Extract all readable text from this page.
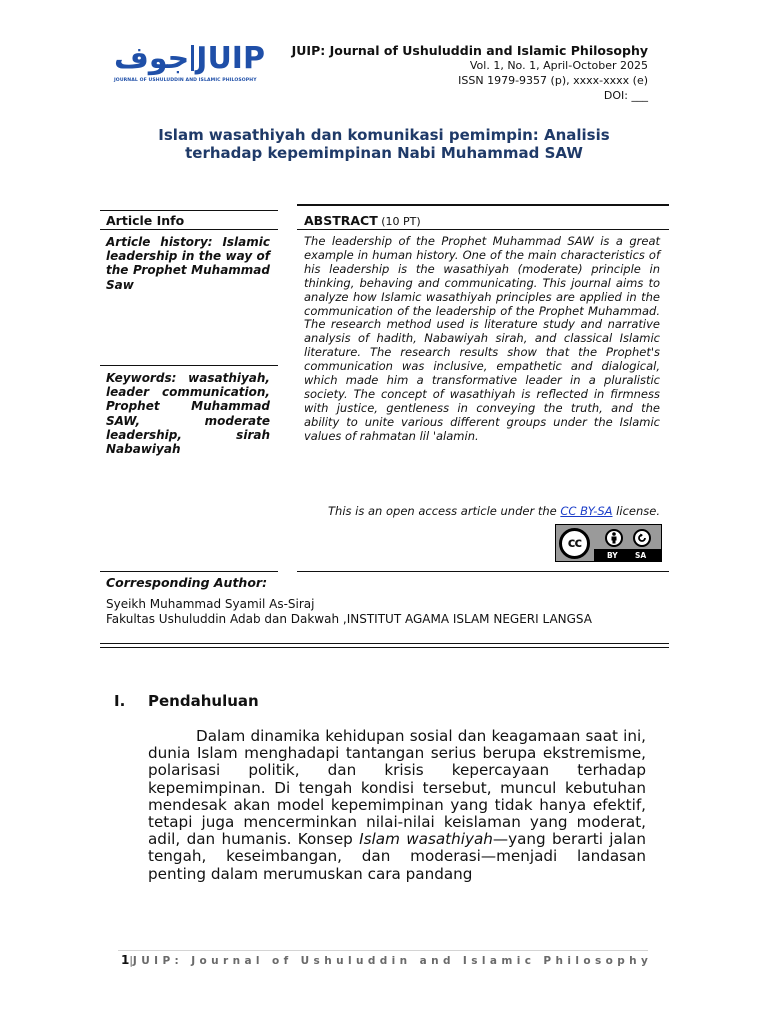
جوف JUIP
JOURNAL OF USHULUDDIN AND ISLAMIC PHILOSOPHY
JUIP: Journal of Ushuluddin and Islamic Philosophy
Vol. 1, No. 1, April-October 2025
ISSN 1979-9357 (p), xxxx-xxxx (e)
DOI: ___
Islam wasathiyah dan komunikasi pemimpin: Analisis
terhadap kepemimpinan Nabi Muhammad SAW
Article Info	ABSTRACT (10 PT)
Article history: Islamic leadership in the way of the Prophet Muhammad Saw
Keywords: wasathiyah, leader communication, Prophet Muhammad SAW, moderate leadership, sirah Nabawiyah
The leadership of the Prophet Muhammad SAW is a great example in human history. One of the main characteristics of his leadership is the wasathiyah (moderate) principle in thinking, behaving and communicating. This journal aims to analyze how Islamic wasathiyah principles are applied in the communication of the leadership of the Prophet Muhammad. The research method used is literature study and narrative analysis of hadith, Nabawiyah sirah, and classical Islamic literature. The research results show that the Prophet's communication was inclusive, empathetic and dialogical, which made him a transformative leader in a pluralistic society. The concept of wasathiyah is reflected in firmness with justice, gentleness in conveying the truth, and the ability to unite various different groups under the Islamic values of rahmatan lil 'alamin.
This is an open access article under the CC BY-SA license.
cc
BY SA
Corresponding Author:
Syeikh Muhammad Syamil As-Siraj
Fakultas Ushuluddin Adab dan Dakwah ,INSTITUT AGAMA ISLAM NEGERI LANGSA
I. Pendahuluan
Dalam dinamika kehidupan sosial dan keagamaan saat ini, dunia Islam menghadapi tantangan serius berupa ekstremisme, polarisasi politik, dan krisis kepercayaan terhadap kepemimpinan. Di tengah kondisi tersebut, muncul kebutuhan mendesak akan model kepemimpinan yang tidak hanya efektif, tetapi juga mencerminkan nilai-nilai keislaman yang moderat, adil, dan humanis. Konsep Islam wasathiyah—yang berarti jalan tengah, keseimbangan, dan moderasi—menjadi landasan penting dalam merumuskan cara pandang
1|JUIP: Journal of Ushuluddin and Islamic Philosophy
